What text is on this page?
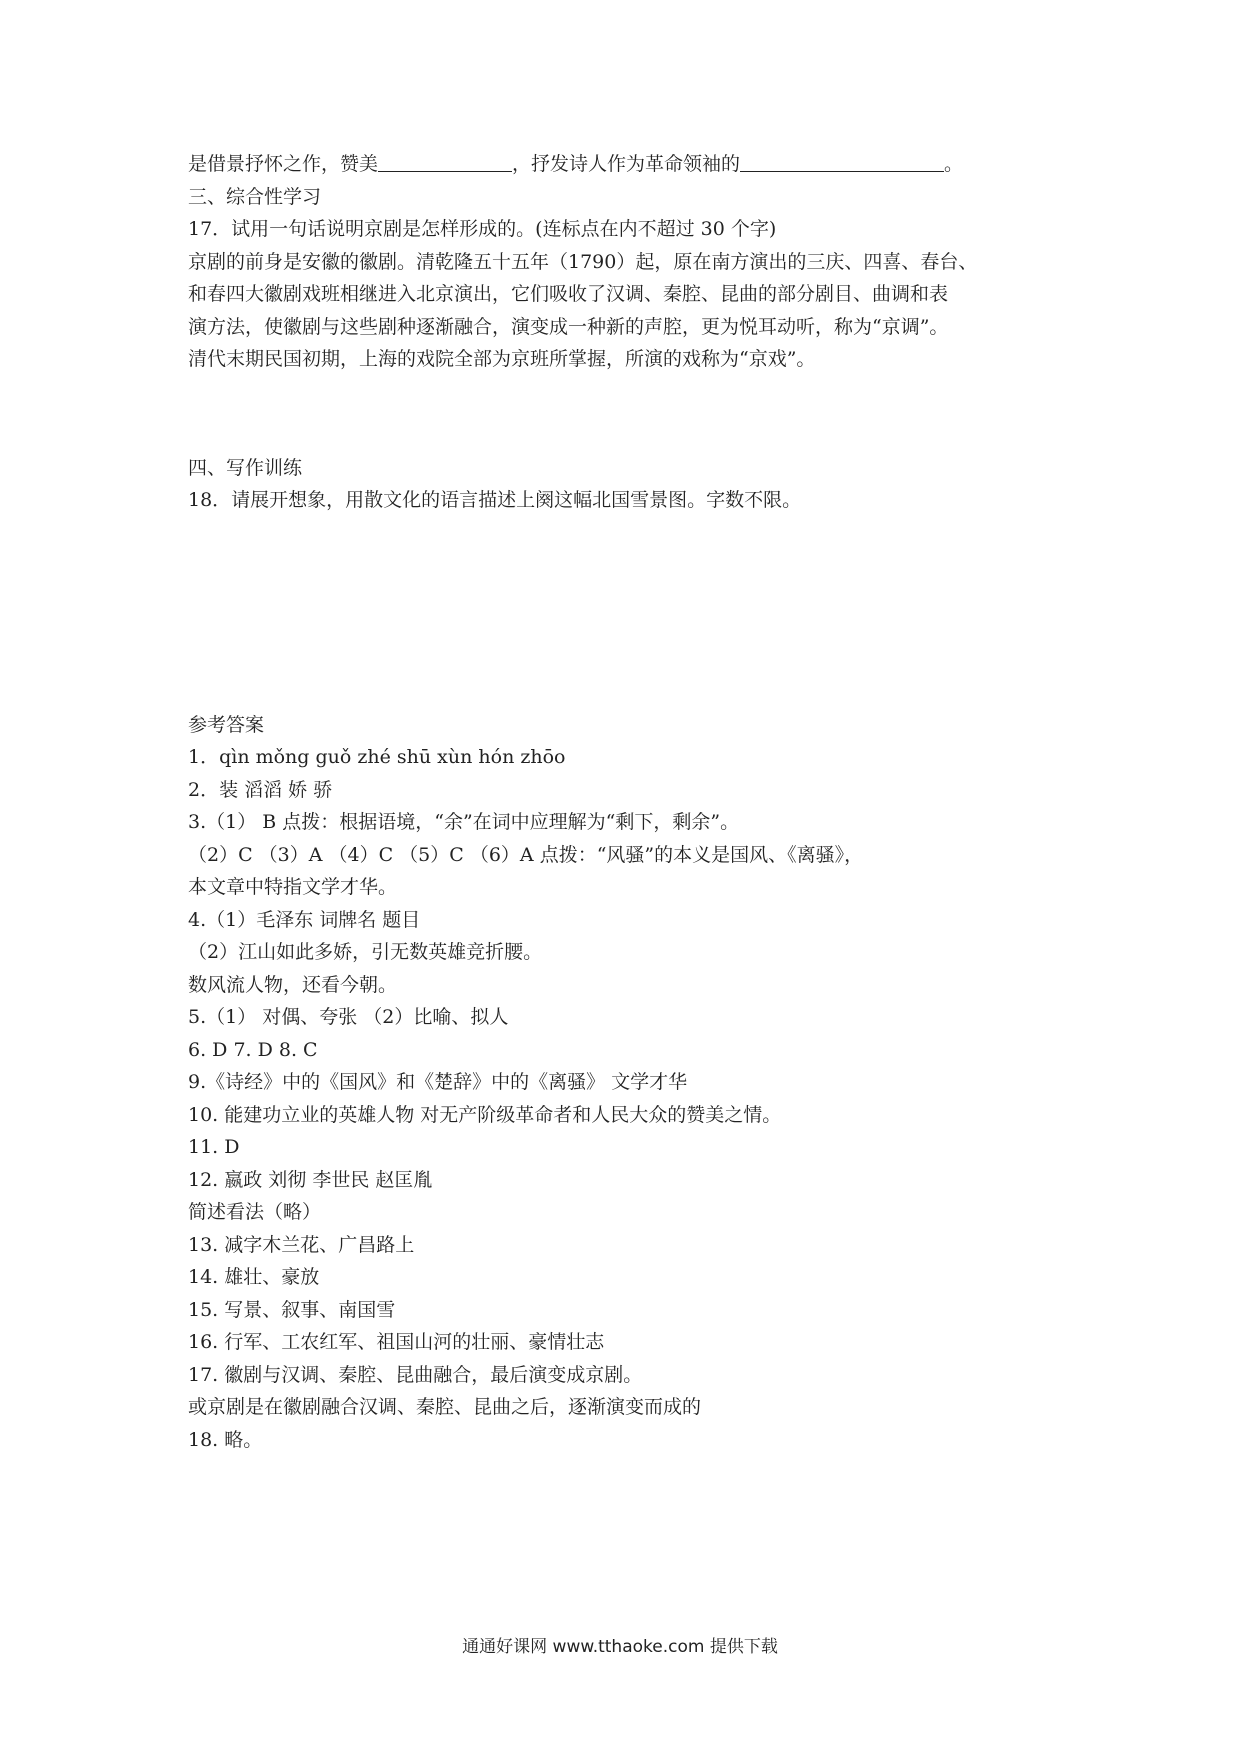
是借景抒怀之作，赞美	，抒发诗人作为革命领袖的	。
三、综合性学习
17．试用一句话说明京剧是怎样形成的。(连标点在内不超过 30 个字)
京剧的前身是安徽的徽剧。清乾隆五十五年（1790）起，原在南方演出的三庆、四喜、春台、
和春四大徽剧戏班相继进入北京演出，它们吸收了汉调、秦腔、昆曲的部分剧目、曲调和表
演方法，使徽剧与这些剧种逐渐融合，演变成一种新的声腔，更为悦耳动听，称为“京调”。
清代末期民国初期，上海的戏院全部为京班所掌握，所演的戏称为“京戏”。
四、写作训练
18．请展开想象，用散文化的语言描述上阕这幅北国雪景图。字数不限。
参考答案
1．qìn mǒng guǒ zhé shū xùn hón zhōo
2．装 滔滔 娇 骄
3.（1） B 点拨：根据语境，“余”在词中应理解为“剩下，剩余”。
（2）C （3）A （4）C （5）C （6）A 点拨：“风骚”的本义是国风、《离骚》，
本文章中特指文学才华。
4.（1）毛泽东 词牌名 题目
（2）江山如此多娇，引无数英雄竞折腰。
数风流人物，还看今朝。
5.（1） 对偶、夸张 （2）比喻、拟人
6. D 7. D 8. C
9.《诗经》中的《国风》和《楚辞》中的《离骚》 文学才华
10. 能建功立业的英雄人物 对无产阶级革命者和人民大众的赞美之情。
11. D
12. 嬴政 刘彻 李世民 赵匡胤
简述看法（略）
13. 减字木兰花、广昌路上
14. 雄壮、豪放
15. 写景、叙事、南国雪
16. 行军、工农红军、祖国山河的壮丽、豪情壮志
17. 徽剧与汉调、秦腔、昆曲融合，最后演变成京剧。
或京剧是在徽剧融合汉调、秦腔、昆曲之后，逐渐演变而成的
18. 略。
通通好课网 www.tthaoke.com 提供下载
